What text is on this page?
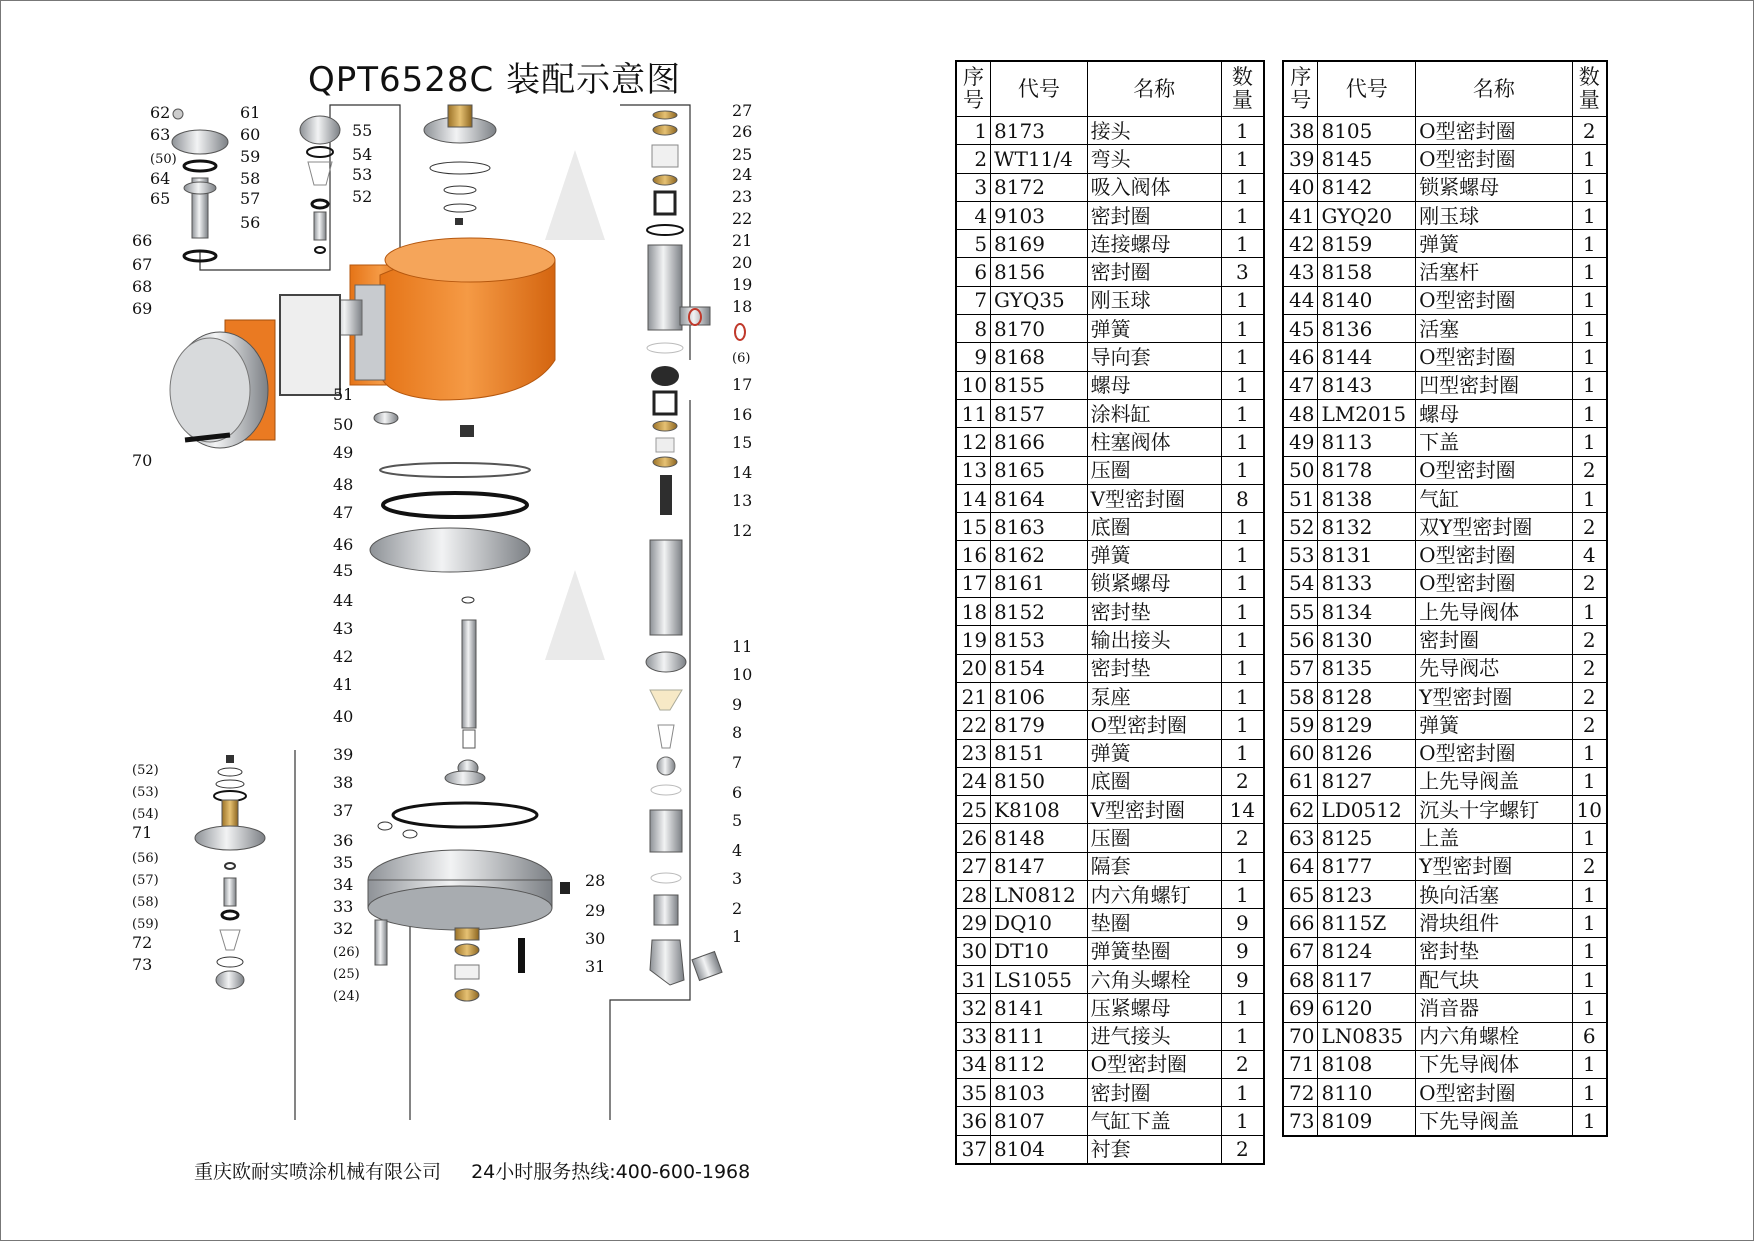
QPT6528C 装配示意图
62
63
(50)
64
65
61
60
59
58
57
56
55
54
53
52
66
67
68
69
70
51
50
49
48
47
46
45
44
43
42
41
40
39
38
37
36
35
34
33
32
(26)
(25)
(24)
27
26
25
24
23
22
21
20
19
18
(6)
17
16
15
14
13
12
11
10
9
8
7
6
5
4
3
2
1
(52)
(53)
(54)
71
(56)
(57)
(58)
(59)
72
73
28
29
30
31
序
号	代号	名称	数
量
1	8173	接头	1
2	WT11/4	弯头	1
3	8172	吸入阀体	1
4	9103	密封圈	1
5	8169	连接螺母	1
6	8156	密封圈	3
7	GYQ35	刚玉球	1
8	8170	弹簧	1
9	8168	导向套	1
10	8155	螺母	1
11	8157	涂料缸	1
12	8166	柱塞阀体	1
13	8165	压圈	1
14	8164	V型密封圈	8
15	8163	底圈	1
16	8162	弹簧	1
17	8161	锁紧螺母	1
18	8152	密封垫	1
19	8153	输出接头	1
20	8154	密封垫	1
21	8106	泵座	1
22	8179	O型密封圈	1
23	8151	弹簧	1
24	8150	底圈	2
25	K8108	V型密封圈	14
26	8148	压圈	2
27	8147	隔套	1
28	LN0812	内六角螺钉	1
29	DQ10	垫圈	9
30	DT10	弹簧垫圈	9
31	LS1055	六角头螺栓	9
32	8141	压紧螺母	1
33	8111	进气接头	1
34	8112	O型密封圈	2
35	8103	密封圈	1
36	8107	气缸下盖	1
37	8104	衬套	2
序
号	代号	名称	数
量
38	8105	O型密封圈	2
39	8145	O型密封圈	1
40	8142	锁紧螺母	1
41	GYQ20	刚玉球	1
42	8159	弹簧	1
43	8158	活塞杆	1
44	8140	O型密封圈	1
45	8136	活塞	1
46	8144	O型密封圈	1
47	8143	凹型密封圈	1
48	LM2015	螺母	1
49	8113	下盖	1
50	8178	O型密封圈	2
51	8138	气缸	1
52	8132	双Y型密封圈	2
53	8131	O型密封圈	4
54	8133	O型密封圈	2
55	8134	上先导阀体	1
56	8130	密封圈	2
57	8135	先导阀芯	2
58	8128	Y型密封圈	2
59	8129	弹簧	2
60	8126	O型密封圈	1
61	8127	上先导阀盖	1
62	LD0512	沉头十字螺钉	10
63	8125	上盖	1
64	8177	Y型密封圈	2
65	8123	换向活塞	1
66	8115Z	滑块组件	1
67	8124	密封垫	1
68	8117	配气块	1
69	6120	消音器	1
70	LN0835	内六角螺栓	6
71	8108	下先导阀体	1
72	8110	O型密封圈	1
73	8109	下先导阀盖	1
重庆欧耐实喷涂机械有限公司 24小时服务热线:400-600-1968
